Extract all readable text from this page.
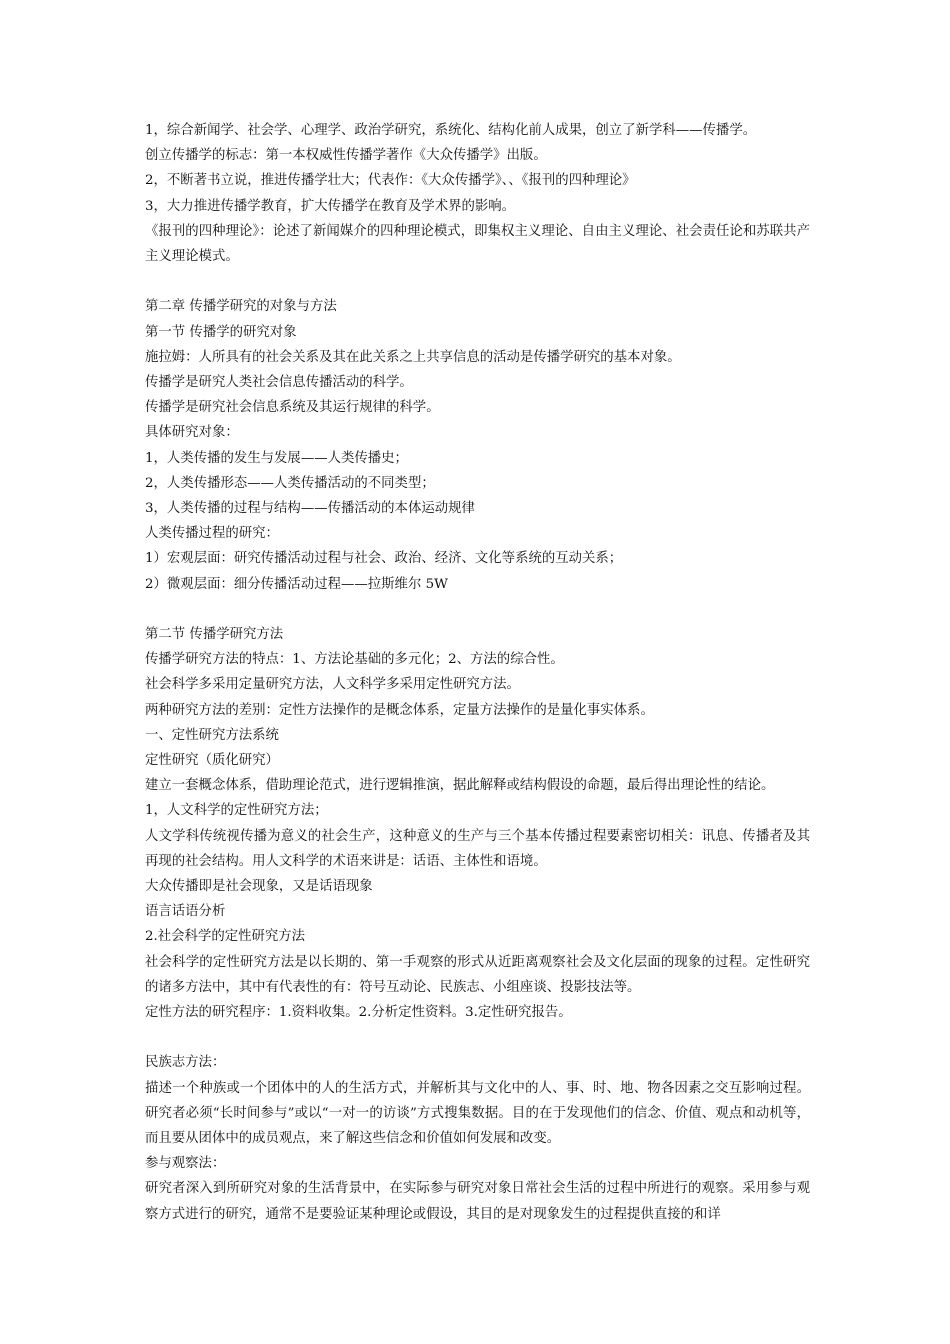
1，综合新闻学、社会学、心理学、政治学研究，系统化、结构化前人成果，创立了新学科——传播学。

创立传播学的标志：第一本权威性传播学著作《大众传播学》出版。

2，不断著书立说，推进传播学壮大；代表作：《大众传播学》、、《报刊的四种理论》

3，大力推进传播学教育，扩大传播学在教育及学术界的影响。

《报刊的四种理论》：论述了新闻媒介的四种理论模式，即集权主义理论、自由主义理论、社会责任论和苏联共产主义理论模式。

第二章 传播学研究的对象与方法

第一节 传播学的研究对象

施拉姆：人所具有的社会关系及其在此关系之上共享信息的活动是传播学研究的基本对象。

传播学是研究人类社会信息传播活动的科学。

传播学是研究社会信息系统及其运行规律的科学。

具体研究对象：

1，人类传播的发生与发展——人类传播史；

2，人类传播形态——人类传播活动的不同类型；

3，人类传播的过程与结构——传播活动的本体运动规律

人类传播过程的研究：

1）宏观层面：研究传播活动过程与社会、政治、经济、文化等系统的互动关系；

2）微观层面：细分传播活动过程——拉斯维尔 5W

第二节 传播学研究方法

传播学研究方法的特点：1、方法论基础的多元化；2、方法的综合性。

社会科学多采用定量研究方法，人文科学多采用定性研究方法。

两种研究方法的差别：定性方法操作的是概念体系，定量方法操作的是量化事实体系。

一、定性研究方法系统

定性研究（质化研究）

建立一套概念体系，借助理论范式，进行逻辑推演，据此解释或结构假设的命题，最后得出理论性的结论。

1，人文科学的定性研究方法；

人文学科传统视传播为意义的社会生产，这种意义的生产与三个基本传播过程要素密切相关：讯息、传播者及其再现的社会结构。用人文科学的术语来讲是：话语、主体性和语境。

大众传播即是社会现象，又是话语现象

语言话语分析

2.社会科学的定性研究方法

社会科学的定性研究方法是以长期的、第一手观察的形式从近距离观察社会及文化层面的现象的过程。定性研究的诸多方法中，其中有代表性的有：符号互动论、民族志、小组座谈、投影技法等。

定性方法的研究程序：1.资料收集。2.分析定性资料。3.定性研究报告。

民族志方法：

描述一个种族或一个团体中的人的生活方式，并解析其与文化中的人、事、时、地、物各因素之交互影响过程。研究者必须“长时间参与”或以“一对一的访谈”方式搜集数据。目的在于发现他们的信念、价值、观点和动机等，而且要从团体中的成员观点，来了解这些信念和价值如何发展和改变。

参与观察法：

研究者深入到所研究对象的生活背景中，在实际参与研究对象日常社会生活的过程中所进行的观察。采用参与观察方式进行的研究，通常不是要验证某种理论或假设，其目的是对现象发生的过程提供直接的和详
